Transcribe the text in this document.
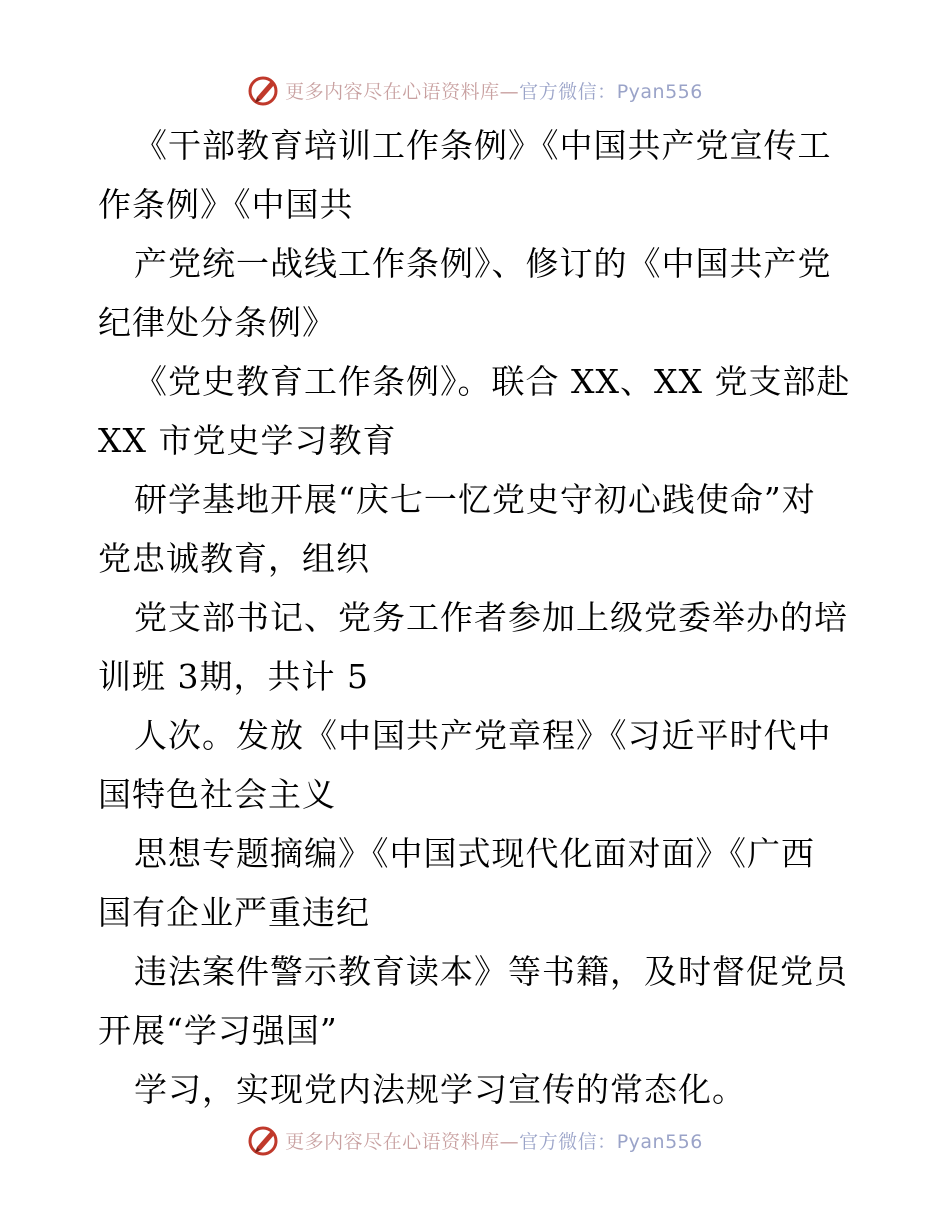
更多内容尽在心语资料库—官方微信：Pyan556
《干部教育培训工作条例》《中国共产党宣传工
作条例》《中国共
产党统一战线工作条例》、修订的《中国共产党
纪律处分条例》
《党史教育工作条例》。联合 XX、XX 党支部赴
XX 市党史学习教育
研学基地开展“庆七一忆党史守初心践使命”对
党忠诚教育，组织
党支部书记、党务工作者参加上级党委举办的培
训班 3期，共计 5
人次。发放《中国共产党章程》《习近平时代中
国特色社会主义
思想专题摘编》《中国式现代化面对面》《广西
国有企业严重违纪
违法案件警示教育读本》等书籍，及时督促党员
开展“学习强国”
学习，实现党内法规学习宣传的常态化。
更多内容尽在心语资料库—官方微信：Pyan556
